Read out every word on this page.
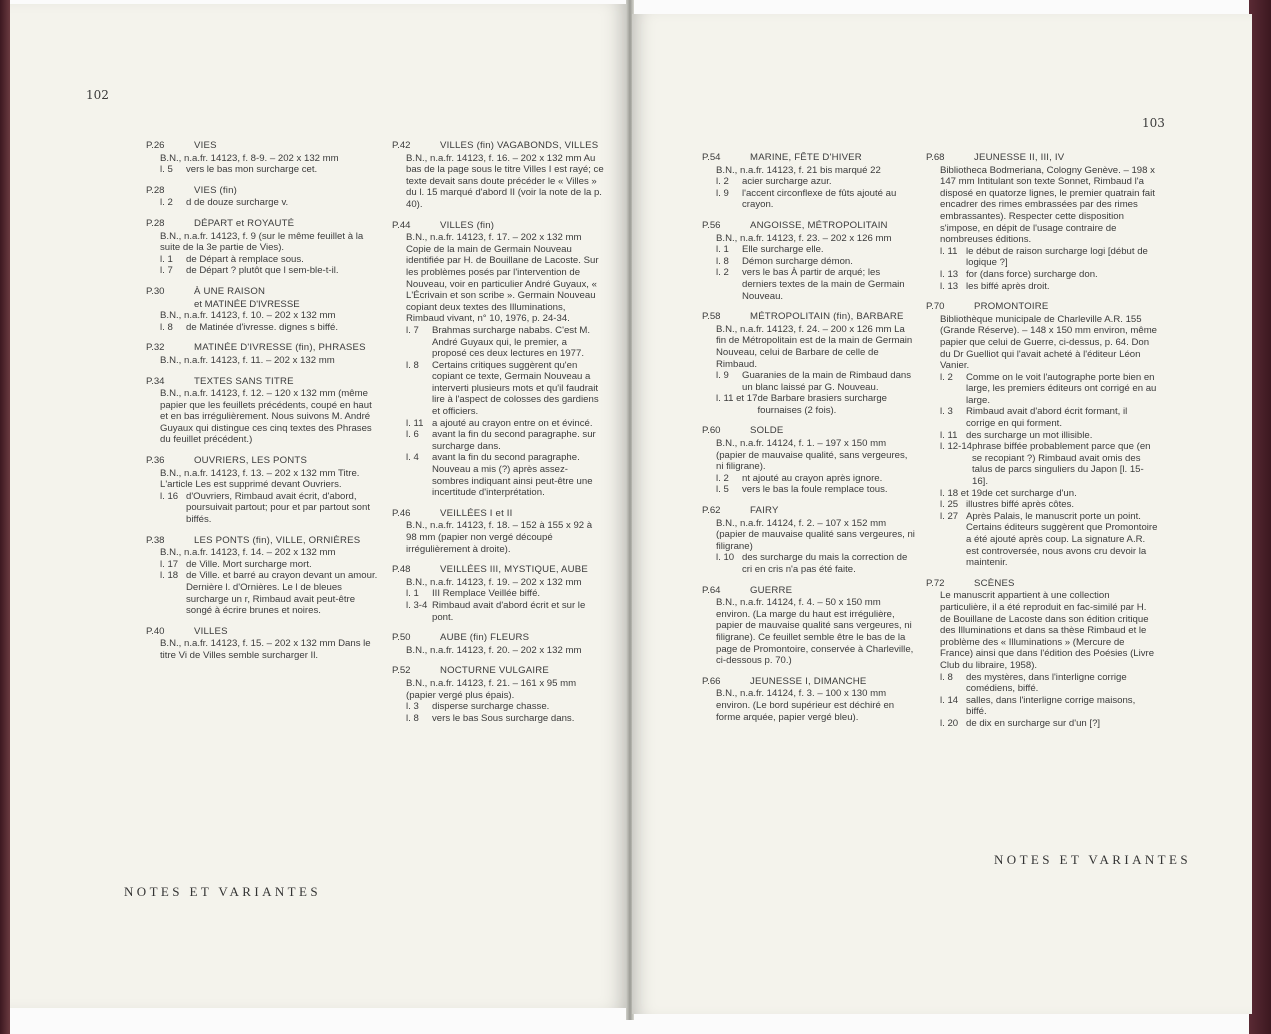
102
P.26	VIES
B.N., n.a.fr. 14123, f. 8-9. – 202 x 132 mm
l. 5	vers le bas mon surcharge cet.
P.28	VIES (fin)
l. 2	d de douze surcharge v.
P.28	DÉPART et ROYAUTÉ
B.N., n.a.fr. 14123, f. 9 (sur le même feuillet à la suite de la 3e partie de Vies).
l. 1	de Départ à remplace sous.
l. 7	de Départ ? plutôt que l sem-ble-t-il.
P.30	À UNE RAISON
et MATINÉE D'IVRESSE
B.N., n.a.fr. 14123, f. 10. – 202 x 132 mm
l. 8	de Matinée d'ivresse. dignes s biffé.
P.32	MATINÉE D'IVRESSE (fin), PHRASES
B.N., n.a.fr. 14123, f. 11. – 202 x 132 mm
P.34	TEXTES SANS TITRE
B.N., n.a.fr. 14123, f. 12. – 120 x 132 mm (même papier que les feuillets précédents, coupé en haut et en bas irrégulièrement. Nous suivons M. André Guyaux qui distingue ces cinq textes des Phrases du feuillet précédent.)
P.36	OUVRIERS, LES PONTS
B.N., n.a.fr. 14123, f. 13. – 202 x 132 mm Titre. L'article Les est supprimé devant Ouvriers.
l. 16 d'Ouvriers, Rimbaud avait écrit, d'abord, poursuivait partout; pour et par partout sont biffés.
P.38	LES PONTS (fin), VILLE, ORNIÈRES
B.N., n.a.fr. 14123, f. 14. – 202 x 132 mm
l. 17 de Ville. Mort surcharge mort.
l. 18 de Ville. et barré au crayon devant un amour.
Dernière l. d'Ornières. Le l de bleues surcharge un r, Rimbaud avait peut-être songé à écrire brunes et noires.
P.40	VILLES
B.N., n.a.fr. 14123, f. 15. – 202 x 132 mm Dans le titre Vi de Villes semble surcharger Il.
P.42	VILLES (fin) VAGABONDS, VILLES
B.N., n.a.fr. 14123, f. 16. – 202 x 132 mm Au bas de la page sous le titre Villes I est rayé; ce texte devait sans doute précéder le « Villes » du l. 15 marqué d'abord II (voir la note de la p. 40).
P.44	VILLES (fin)
B.N., n.a.fr. 14123, f. 17. – 202 x 132 mm Copie de la main de Germain Nouveau identifiée par H. de Bouillane de Lacoste. Sur les problèmes posés par l'intervention de Nouveau, voir en particulier André Guyaux, « L'Écrivain et son scribe ». Germain Nouveau copiant deux textes des Illuminations, Rimbaud vivant, n° 10, 1976, p. 24-34.
l. 7	Brahmas surcharge nababs. C'est M. André Guyaux qui, le premier, a proposé ces deux lectures en 1977.
l. 8	Certains critiques suggèrent qu'en copiant ce texte, Germain Nouveau a interverti plusieurs mots et qu'il faudrait lire à l'aspect de colosses des gardiens et officiers.
l. 11 a ajouté au crayon entre on et évincé.
l. 6	avant la fin du second paragraphe. sur surcharge dans.
l. 4	avant la fin du second paragraphe. Nouveau a mis (?) après assez-sombres indiquant ainsi peut-être une incertitude d'interprétation.
P.46	VEILLÉES I et II
B.N., n.a.fr. 14123, f. 18. – 152 à 155 x 92 à 98 mm (papier non vergé découpé irrégulièrement à droite).
P.48	VEILLÉES III, MYSTIQUE, AUBE
B.N., n.a.fr. 14123, f. 19. – 202 x 132 mm
l. 1	III Remplace Veillée biffé.
l. 3-4 Rimbaud avait d'abord écrit et sur le pont.
P.50	AUBE (fin) FLEURS
B.N., n.a.fr. 14123, f. 20. – 202 x 132 mm
P.52	NOCTURNE VULGAIRE
B.N., n.a.fr. 14123, f. 21. – 161 x 95 mm (papier vergé plus épais).
l. 3	disperse surcharge chasse.
l. 8	vers le bas Sous surcharge dans.
NOTES ET VARIANTES
103
P.54	MARINE, FÊTE D'HIVER
B.N., n.a.fr. 14123, f. 21 bis marqué 22
l. 2	acier surcharge azur.
l. 9	l'accent circonflexe de fûts ajouté au crayon.
P.56	ANGOISSE, MÉTROPOLITAIN
B.N., n.a.fr. 14123, f. 23. – 202 x 126 mm
l. 1	Elle surcharge elle.
l. 8	Démon surcharge démon.
l. 2	vers le bas À partir de arqué; les derniers textes de la main de Germain Nouveau.
P.58	MÉTROPOLITAIN (fin), BARBARE
B.N., n.a.fr. 14123, f. 24. – 200 x 126 mm La fin de Métropolitain est de la main de Germain Nouveau, celui de Barbare de celle de Rimbaud.
l. 9	Guaranies de la main de Rimbaud dans un blanc laissé par G. Nouveau.
l. 11 et 17 de Barbare brasiers surcharge fournaises (2 fois).
P.60	SOLDE
B.N., n.a.fr. 14124, f. 1. – 197 x 150 mm (papier de mauvaise qualité, sans vergeures, ni filigrane).
l. 2	nt ajouté au crayon après ignore.
l. 5	vers le bas la foule remplace tous.
P.62	FAIRY
B.N., n.a.fr. 14124, f. 2. – 107 x 152 mm (papier de mauvaise qualité sans vergeures, ni filigrane)
l. 10 des surcharge du mais la correction de cri en cris n'a pas été faite.
P.64	GUERRE
B.N., n.a.fr. 14124, f. 4. – 50 x 150 mm environ. (La marge du haut est irrégulière, papier de mauvaise qualité sans vergeures, ni filigrane). Ce feuillet semble être le bas de la page de Promontoire, conservée à Charleville, ci-dessous p. 70.)
P.66	JEUNESSE I, DIMANCHE
B.N., n.a.fr. 14124, f. 3. – 100 x 130 mm environ. (Le bord supérieur est déchiré en forme arquée, papier vergé bleu).
P.68	JEUNESSE II, III, IV
Bibliotheca Bodmeriana, Cologny Genève. – 198 x 147 mm Intitulant son texte Sonnet, Rimbaud l'a disposé en quatorze lignes, le premier quatrain fait encadrer des rimes embrassées par des rimes embrassantes). Respecter cette disposition s'impose, en dépit de l'usage contraire de nombreuses éditions.
l. 11 le début de raison surcharge logi [début de logique ?]
l. 13 for (dans force) surcharge don.
l. 13 les biffé après droit.
P.70	PROMONTOIRE
Bibliothèque municipale de Charleville A.R. 155 (Grande Réserve). – 148 x 150 mm environ, même papier que celui de Guerre, ci-dessus, p. 64. Don du Dr Guelliot qui l'avait acheté à l'éditeur Léon Vanier.
l. 2	Comme on le voit l'autographe porte bien en large, les premiers éditeurs ont corrigé en au large.
l. 3	Rimbaud avait d'abord écrit formant, il corrige en qui forment.
l. 11 des surcharge un mot illisible.
l. 12-14 phrase biffée probablement parce que (en se recopiant ?) Rimbaud avait omis des talus de parcs singuliers du Japon [l. 15-16].
l. 18 et 19 de cet surcharge d'un.
l. 25 illustres biffé après côtes.
l. 27 Après Palais, le manuscrit porte un point. Certains éditeurs suggèrent que Promontoire a été ajouté après coup. La signature A.R. est controversée, nous avons cru devoir la maintenir.
P.72	SCÈNES
Le manuscrit appartient à une collection particulière, il a été reproduit en fac-similé par H. de Bouillane de Lacoste dans son édition critique des Illuminations et dans sa thèse Rimbaud et le problème des « Illuminations » (Mercure de France) ainsi que dans l'édition des Poésies (Livre Club du libraire, 1958).
l. 8	des mystères, dans l'interligne corrige comédiens, biffé.
l. 14 salles, dans l'interligne corrige maisons, biffé.
l. 20 de dix en surcharge sur d'un [?]
NOTES ET VARIANTES
